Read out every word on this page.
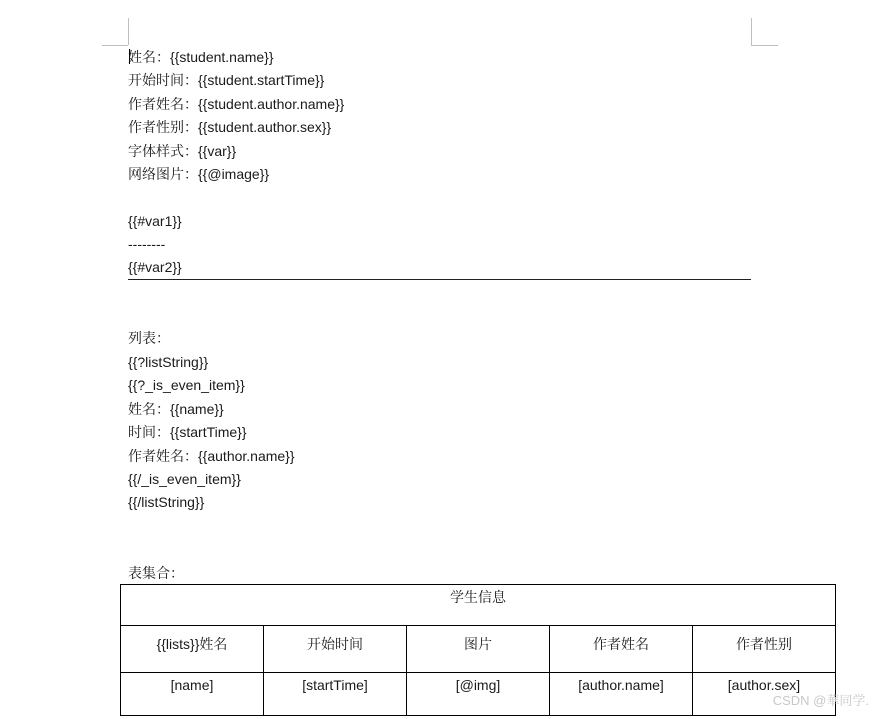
姓名：{{student.name}}
开始时间：{{student.startTime}}
作者姓名：{{student.author.name}}
作者性别：{{student.author.sex}}
字体样式：{{var}}
网络图片：{{@image}}
{{#var1}}
--------
{{#var2}}
列表：
{{?listString}}
{{?_is_even_item}}
姓名：{{name}}
时间：{{startTime}}
作者姓名：{{author.name}}
{{/_is_even_item}}
{{/listString}}
表集合：
学生信息				
{{lists}}姓名	开始时间	图片	作者姓名	作者性别
[name]	[startTime]	[@img]	[author.name]	[author.sex]
CSDN @華同学.
